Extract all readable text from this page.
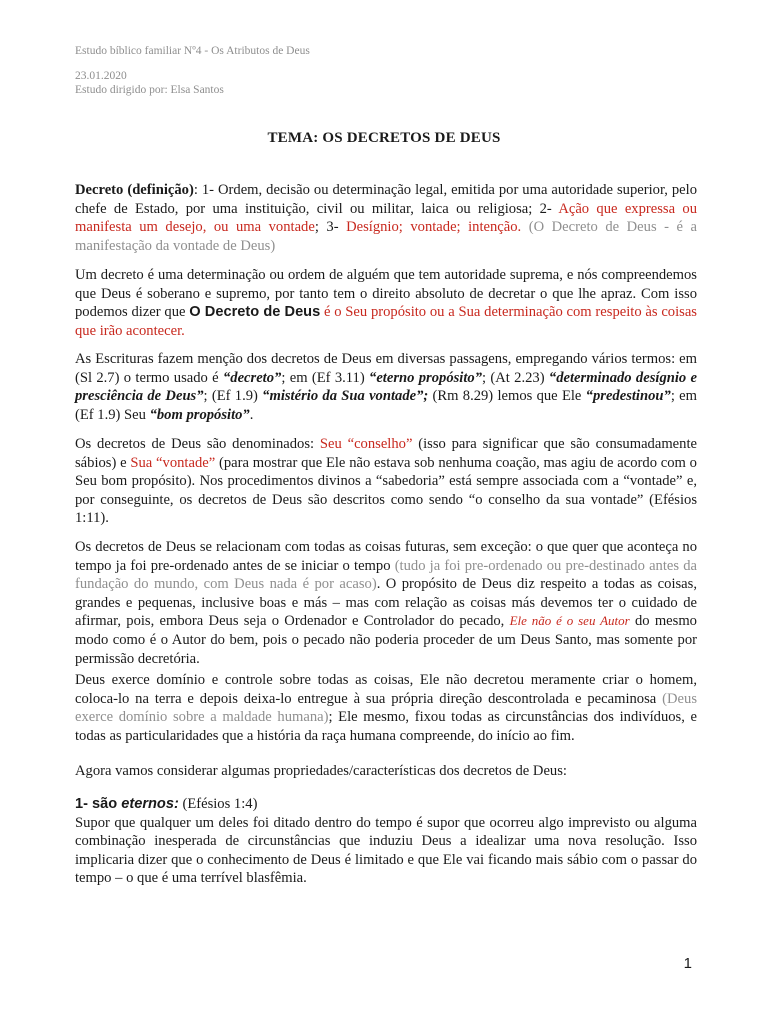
Estudo bíblico familiar Nº4 - Os Atributos de Deus
23.01.2020
Estudo dirigido por: Elsa Santos
TEMA: OS DECRETOS DE DEUS
Decreto (definição): 1- Ordem, decisão ou determinação legal, emitida por uma autoridade superior, pelo chefe de Estado, por uma instituição, civil ou militar, laica ou religiosa; 2- Ação que expressa ou manifesta um desejo, ou uma vontade; 3- Desígnio; vontade; intenção. (O Decreto de Deus - é a manifestação da vontade de Deus)
Um decreto é uma determinação ou ordem de alguém que tem autoridade suprema, e nós compreendemos que Deus é soberano e supremo, por tanto tem o direito absoluto de decretar o que lhe apraz. Com isso podemos dizer que O Decreto de Deus é o Seu propósito ou a Sua determinação com respeito às coisas que irão acontecer.
As Escrituras fazem menção dos decretos de Deus em diversas passagens, empregando vários termos: em (Sl 2.7) o termo usado é “decreto”; em (Ef 3.11) “eterno propósito”; (At 2.23) “determinado desígnio e presciência de Deus”; (Ef 1.9) “mistério da Sua vontade”; (Rm 8.29) lemos que Ele “predestinou”; em (Ef 1.9) Seu “bom propósito”.
Os decretos de Deus são denominados: Seu “conselho” (isso para significar que são consumadamente sábios) e Sua “vontade” (para mostrar que Ele não estava sob nenhuma coação, mas agiu de acordo com o Seu bom propósito). Nos procedimentos divinos a “sabedoria” está sempre associada com a “vontade” e, por conseguinte, os decretos de Deus são descritos como sendo “o conselho da sua vontade” (Efésios 1:11).
Os decretos de Deus se relacionam com todas as coisas futuras, sem exceção: o que quer que aconteça no tempo ja foi pre-ordenado antes de se iniciar o tempo (tudo ja foi pre-ordenado ou pre-destinado antes da fundação do mundo, com Deus nada é por acaso). O propósito de Deus diz respeito a todas as coisas, grandes e pequenas, inclusive boas e más – mas com relação as coisas más devemos ter o cuidado de afirmar, pois, embora Deus seja o Ordenador e Controlador do pecado, Ele não é o seu Autor do mesmo modo como é o Autor do bem, pois o pecado não poderia proceder de um Deus Santo, mas somente por permissão decretória.
Deus exerce domínio e controle sobre todas as coisas, Ele não decretou meramente criar o homem, coloca-lo na terra e depois deixa-lo entregue à sua própria direção descontrolada e pecaminosa (Deus exerce domínio sobre a maldade humana); Ele mesmo, fixou todas as circunstâncias dos indivíduos, e todas as particularidades que a história da raça humana compreende, do início ao fim.
Agora vamos considerar algumas propriedades/características dos decretos de Deus:
1- são eternos: (Efésios 1:4)
Supor que qualquer um deles foi ditado dentro do tempo é supor que ocorreu algo imprevisto ou alguma combinação inesperada de circunstâncias que induziu Deus a idealizar uma nova resolução. Isso implicaria dizer que o conhecimento de Deus é limitado e que Ele vai ficando mais sábio com o passar do tempo – o que é uma terrível blasfêmia.
1
